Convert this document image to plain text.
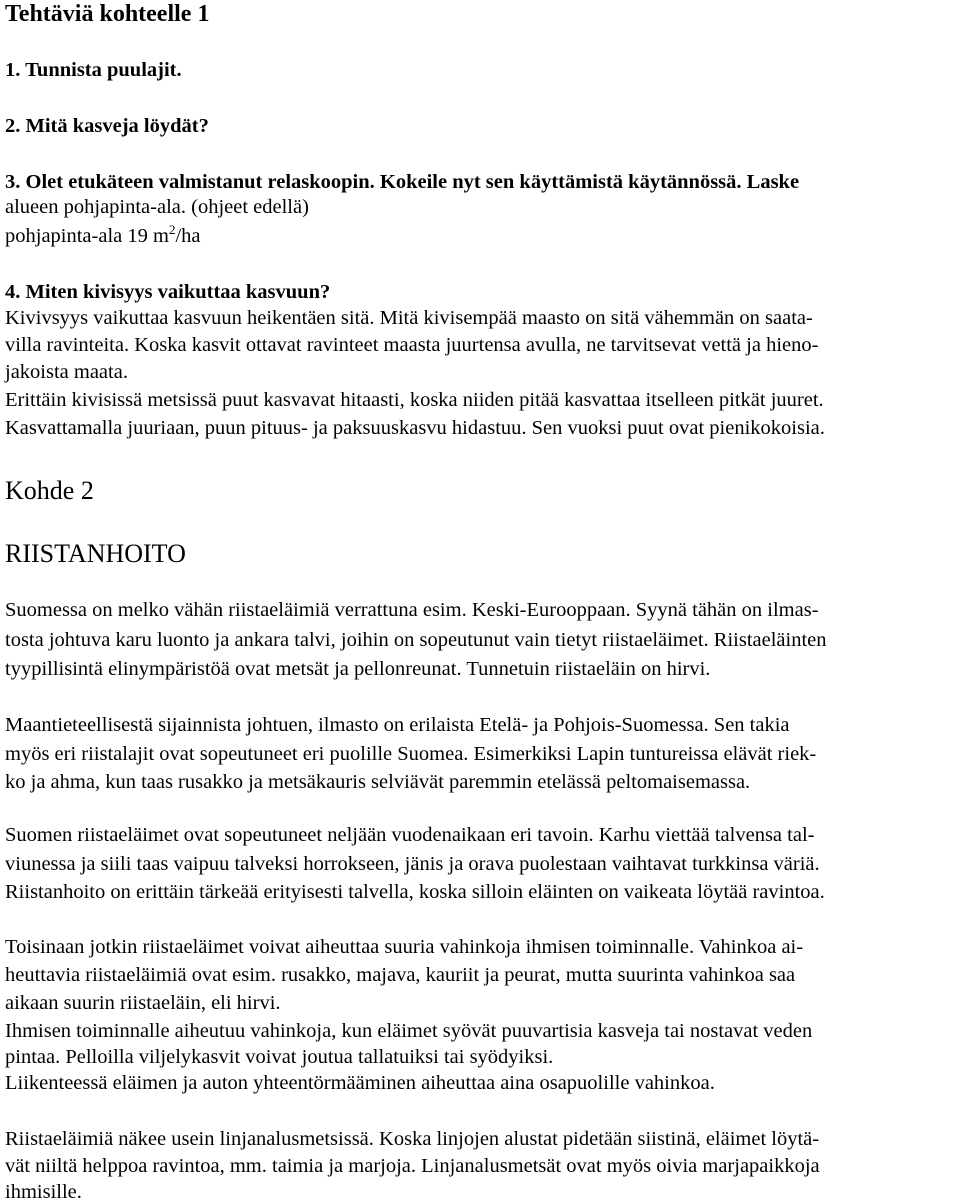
Tehtäviä kohteelle 1

1. Tunnista puulajit.

2. Mitä kasveja löydät?

3. Olet etukäteen valmistanut relaskoopin. Kokeile nyt sen käyttämistä käytännössä. Laske

alueen pohjapinta-ala. (ohjeet edellä)

pohjapinta-ala 19 $m^2/ha$

4. Miten kivisyys vaikuttaa kasvuun?

Kivivsyys vaikuttaa kasvuun heikentäen sitä. Mitä kivisempää maasto on sitä vähemmän on saata-

villa ravinteita. Koska kasvit ottavat ravinteet maasta juurtensa avulla, ne tarvitsevat vettä ja hieno-

jakoista maata.

Erittäin kivisissä metsissä puut kasvavat hitaasti, koska niiden pitää kasvattaa itselleen pitkät juuret.

Kasvattamalla juuriaan, puun pituus- ja paksuuskasvu hidastuu. Sen vuoksi puut ovat pienikokoisia.

Kohde 2

RIISTANHOITO

Suomessa on melko vähän riistaeläimiä verrattuna esim. Keski-Eurooppaan. Syynä tähän on ilmas-

tosta johtuva karu luonto ja ankara talvi, joihin on sopeutunut vain tietyt riistaeläimet. Riistaeläinten

tyypillisintä elinympäristöä ovat metsät ja pellonreunat. Tunnetuin riistaeläin on hirvi.

Maantieteellisestä sijainnista johtuen, ilmasto on erilaista Etelä- ja Pohjois-Suomessa. Sen takia

myös eri riistalajit ovat sopeutuneet eri puolille Suomea. Esimerkiksi Lapin tuntureissa elävät riek-

ko ja ahma, kun taas rusakko ja metsäkauris selviävät paremmin etelässä peltomaisemassa.

Suomen riistaeläimet ovat sopeutuneet neljään vuodenaikaan eri tavoin. Karhu viettää talvensa tal-

viunessa ja siili taas vaipuu talveksi horrokseen, jänis ja orava puolestaan vaihtavat turkkinsa väriä.

Riistanhoito on erittäin tärkeää erityisesti talvella, koska silloin eläinten on vaikeata löytää ravintoa.

Toisinaan jotkin riistaeläimet voivat aiheuttaa suuria vahinkoja ihmisen toiminnalle. Vahinkoa ai-

heuttavia riistaeläimiä ovat esim. rusakko, majava, kauriit ja peurat, mutta suurinta vahinkoa saa

aikaan suurin riistaeläin, eli hirvi.

Ihmisen toiminnalle aiheutuu vahinkoja, kun eläimet syövät puuvartisia kasveja tai nostavat veden

pintaa. Pelloilla viljelykasvit voivat joutua tallatuiksi tai syödyiksi.

Liikenteessä eläimen ja auton yhteentörmääminen aiheuttaa aina osapuolille vahinkoa.

Riistaeläimiä näkee usein linjanalusmetsissä. Koska linjojen alustat pidetään siistinä, eläimet löytä-

vät niiltä helppoa ravintoa, mm. taimia ja marjoja. Linjanalusmetsät ovat myös oivia marjapaikkoja

ihmisille.
